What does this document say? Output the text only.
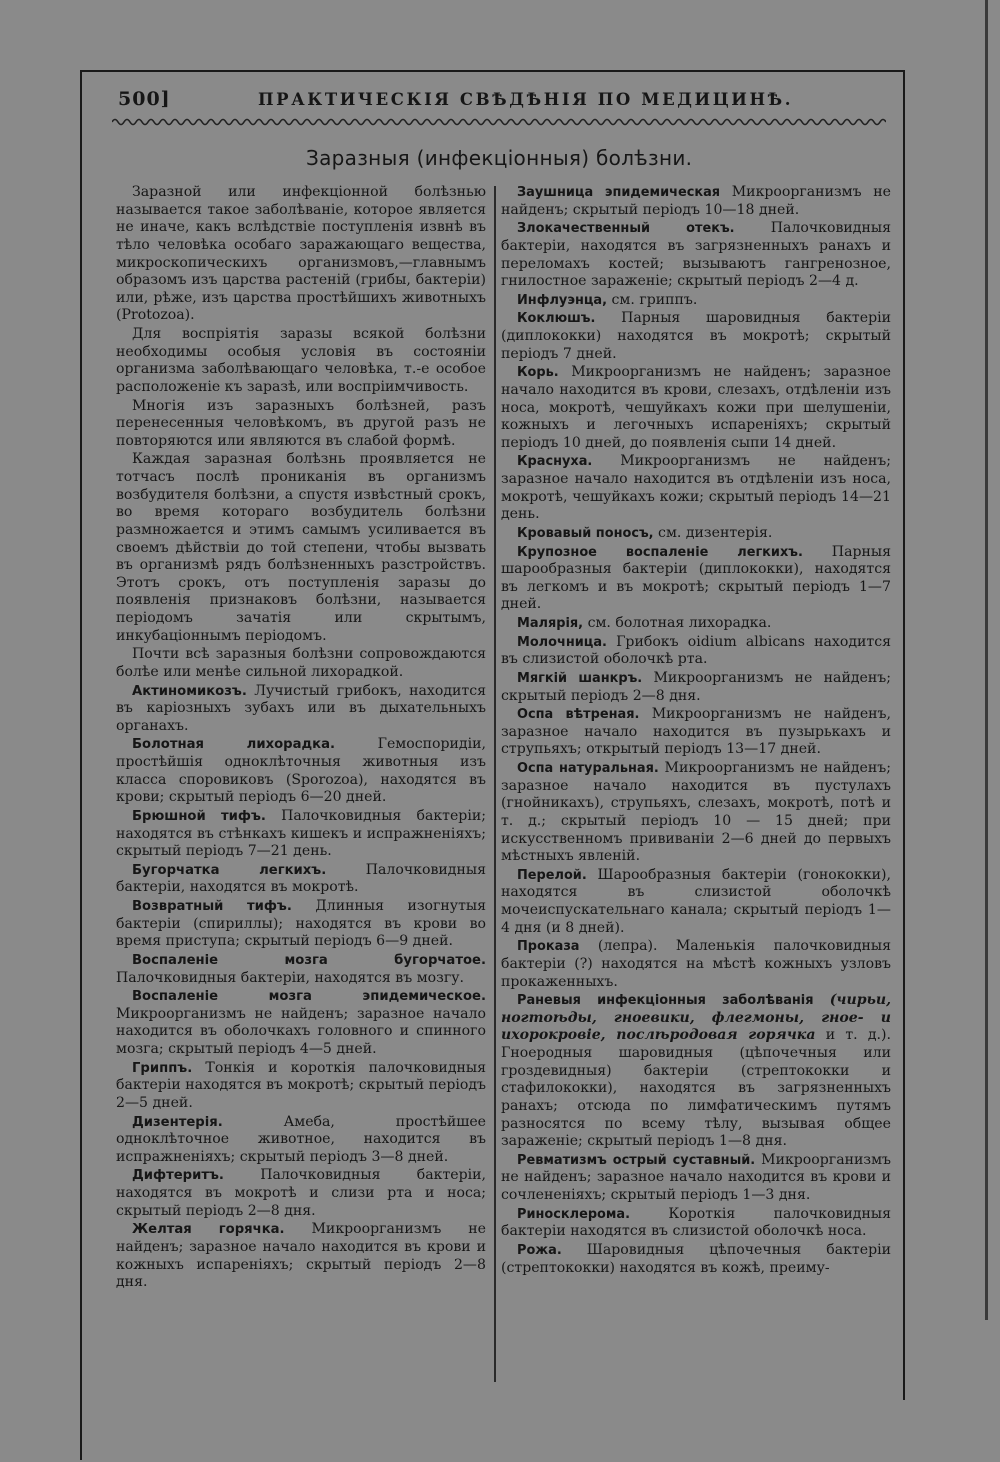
500]	ПРАКТИЧЕСКІЯ СВѢДѢНІЯ ПО МЕДИЦИНѢ.
Заразныя (инфекціонныя) болѣзни.

Заразной или инфекціонной болѣзнью называется такое заболѣваніе, которое является не иначе, какъ вслѣдствіе поступленія извнѣ въ тѣло человѣка особаго заражающаго вещества, микроскопическихъ организмовъ,—главнымъ образомъ изъ царства растеній (грибы, бактеріи) или, рѣже, изъ царства простѣйшихъ животныхъ (Protozoa).

Для воспріятія заразы всякой болѣзни необходимы особыя условія въ состояніи организма заболѣвающаго человѣка, т.-е особое расположеніе къ заразѣ, или воспріимчивость.

Многія изъ заразныхъ болѣзней, разъ перенесенныя человѣкомъ, въ другой разъ не повторяются или являются въ слабой формѣ.

Каждая заразная болѣзнь проявляется не тотчасъ послѣ прониканія въ организмъ возбудителя болѣзни, а спустя извѣстный срокъ, во время котораго возбудитель болѣзни размножается и этимъ самымъ усиливается въ своемъ дѣйствіи до той степени, чтобы вызвать въ организмѣ рядъ болѣзненныхъ разстройствъ. Этотъ срокъ, отъ поступленія заразы до появленія признаковъ болѣзни, называется періодомъ зачатія или скрытымъ, инкубаціоннымъ періодомъ.

Почти всѣ заразныя болѣзни сопровождаются болѣе или менѣе сильной лихорадкой.

Актиномикозъ. Лучистый грибокъ, находится въ каріозныхъ зубахъ или въ дыхательныхъ органахъ.

Болотная лихорадка.	Гемоспоридіи, простѣйшія одноклѣточныя животныя изъ класса споровиковъ (Sporozoa), находятся въ крови; скрытый періодъ 6—20 дней.

Брюшной тифъ. Палочковидныя бактеріи; находятся въ стѣнкахъ кишекъ и испражненіяхъ; скрытый періодъ 7—21 день.

Бугорчатка легкихъ.	Палочковидныя бактеріи, находятся въ мокротѣ.

Возвратный тифъ. Длинныя изогнутыя бактеріи (спириллы); находятся въ крови во время приступа; скрытый періодъ 6—9 дней.

Воспаленіе мозга бугорчатое. Палочковидныя бактеріи, находятся въ мозгу.

Воспаленіе мозга эпидемическое. Микроорганизмъ не найденъ; заразное начало находится въ оболочкахъ головного и спинного мозга; скрытый періодъ 4—5 дней.

Гриппъ. Тонкія и короткія палочковидныя бактеріи находятся въ мокротѣ; скрытый періодъ 2—5 дней.

Дизентерія.	Амеба, простѣйшее одноклѣточное животное, находится въ испражненіяхъ; скрытый періодъ 3—8 дней.

Дифтеритъ.	Палочковидныя бактеріи, находятся въ мокротѣ и слизи рта и носа; скрытый періодъ 2—8 дня.

Желтая горячка. Микроорганизмъ не найденъ; заразное начало находится въ крови и кожныхъ испареніяхъ; скрытый періодъ 2—8 дня.

Заушница эпидемическая Микроорганизмъ не найденъ; скрытый періодъ 10—18 дней.

Злокачественный отекъ.	Палочковидныя бактеріи, находятся въ загрязненныхъ ранахъ и переломахъ костей; вызываютъ гангренозное, гнилостное зараженіе; скрытый періодъ 2—4 д.

Инфлуэнца, см. гриппъ.

Коклюшъ. Парныя шаровидныя бактеріи (диплококки) находятся въ мокротѣ; скрытый періодъ 7 дней.

Корь. Микроорганизмъ не найденъ; заразное начало находится въ крови, слезахъ, отдѣленіи изъ носа, мокротѣ, чешуйкахъ кожи при шелушеніи, кожныхъ и легочныхъ испареніяхъ; скрытый періодъ 10 дней, до появленія сыпи 14 дней.

Краснуха. Микроорганизмъ не найденъ; заразное начало находится въ отдѣленіи изъ носа, мокротѣ, чешуйкахъ кожи; скрытый періодъ 14—21 день.

Кровавый поносъ, см. дизентерія.

Крупозное воспаленіе легкихъ. Парныя шарообразныя бактеріи (диплококки), находятся въ легкомъ и въ мокротѣ; скрытый періодъ 1—7 дней.

Малярія, см. болотная лихорадка.

Молочница. Грибокъ oidium albicans находится въ слизистой оболочкѣ рта.

Мягкій шанкръ. Микроорганизмъ не найденъ; скрытый періодъ 2—8 дня.

Оспа вѣтреная. Микроорганизмъ не найденъ, заразное начало находится въ пузырькахъ и струпьяхъ; открытый періодъ 13—17 дней.

Оспа натуральная. Микроорганизмъ не найденъ; заразное начало находится въ пустулахъ (гнойникахъ), струпьяхъ, слезахъ, мокротѣ, потѣ и т. д.; скрытый періодъ 10 — 15 дней; при искусственномъ прививаніи 2—6 дней до первыхъ мѣстныхъ явленій.

Перелой. Шарообразныя бактеріи (гонококки), находятся въ слизистой оболочкѣ мочеиспускательнаго канала; скрытый періодъ 1—4 дня (и 8 дней).

Проказа (лепра). Маленькія палочковидныя бактеріи (?) находятся на мѣстѣ кожныхъ узловъ прокаженныхъ.

Раневыя инфекціонныя заболѣванія (чирьи, ногтоѣды, гноевики, флегмоны, гное- и ихорокровіе, послѣродовая горячка и т. д.). Гноеродныя шаровидныя (цѣпочечныя или гроздевидныя) бактеріи (стрептококки и стафилококки), находятся въ загрязненныхъ ранахъ; отсюда по лимфатическимъ путямъ разносятся по всему тѣлу, вызывая общее зараженіе; скрытый періодъ 1—8 дня.

Ревматизмъ острый суставный. Микроорганизмъ не найденъ; заразное начало находится въ крови и сочлененіяхъ; скрытый періодъ 1—3 дня.

Риносклерома.	Короткія палочковидныя бактеріи находятся въ слизистой оболочкѣ носа.

Рожа. Шаровидныя цѣпочечныя бактеріи (стрептококки) находятся въ кожѣ, преиму-
